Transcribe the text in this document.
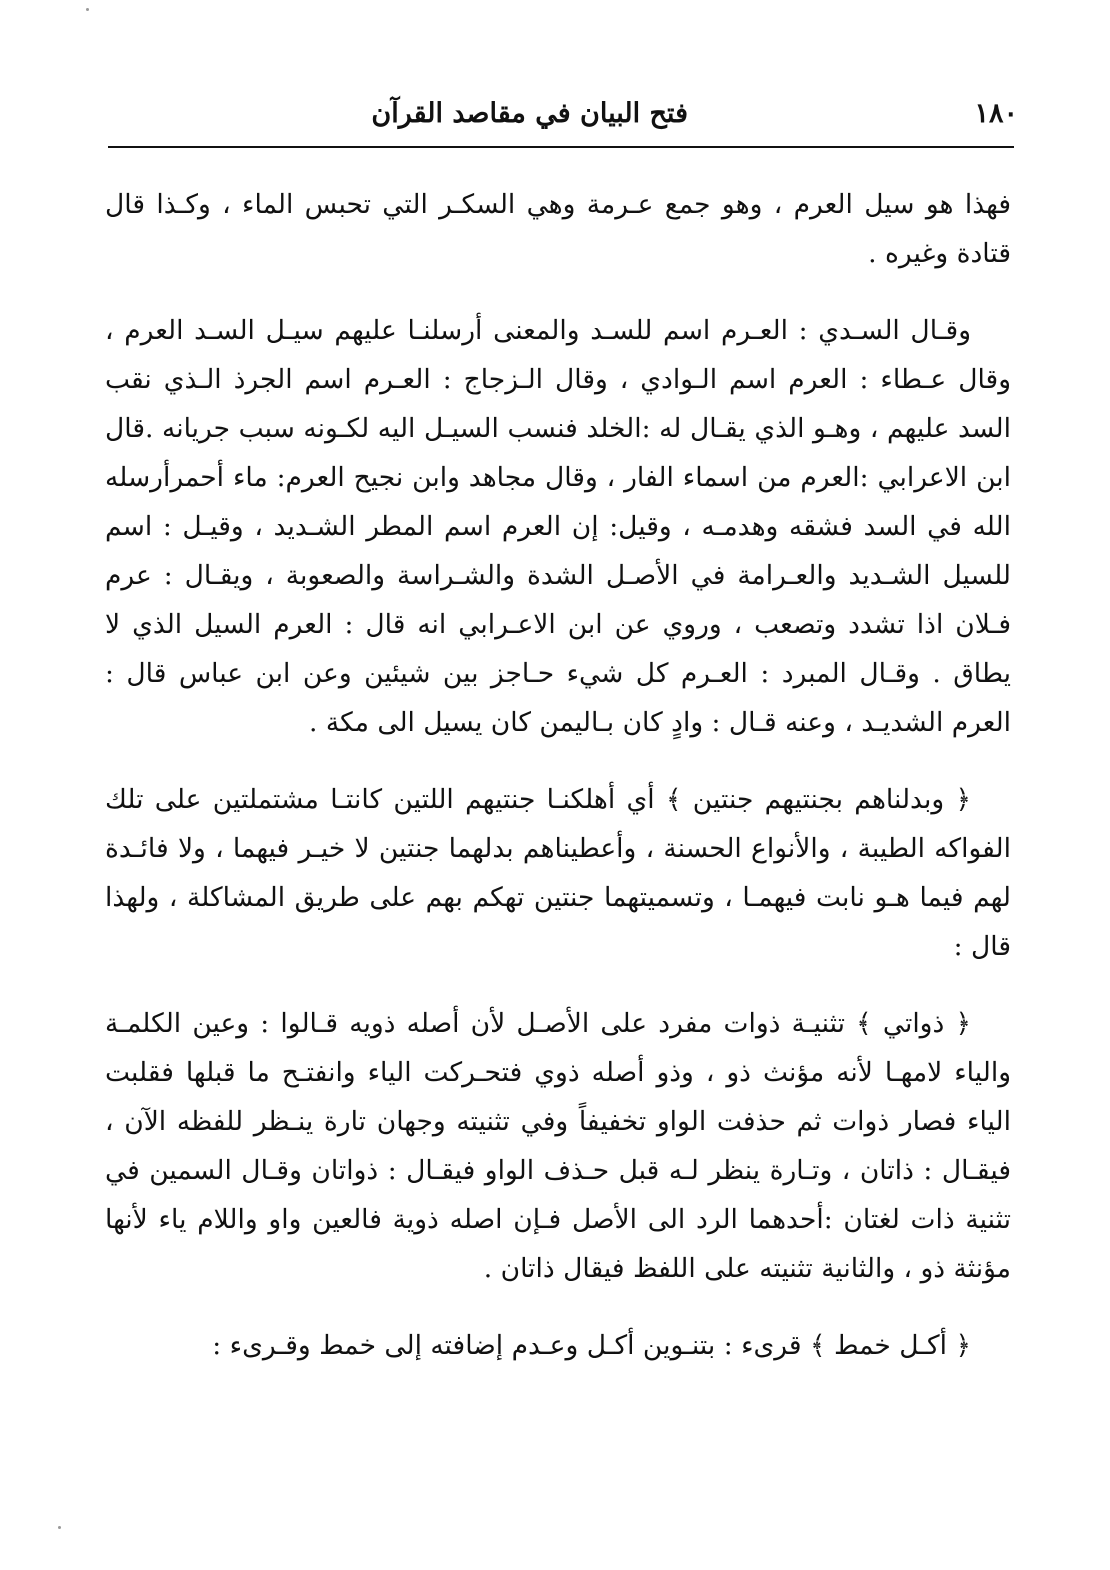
١٨٠
فتح البيان في مقاصد القرآن

فهذا هو سيل العرم ، وهو جمع عـرمة وهي السكـر التي تحبس الماء ، وكـذا قال قتادة وغيره .

وقـال السـدي : العـرم اسم للسـد والمعنى أرسلنـا عليهم سيـل السـد العرم ، وقال عـطاء : العرم اسم الـوادي ، وقال الـزجاج : العـرم اسم الجرذ الـذي نقب السد عليهم ، وهـو الذي يقـال له :الخلد فنسب السيـل اليه لكـونه سبب جريانه .قال ابن الاعرابي :العرم من اسماء الفار ، وقال مجاهد وابن نجيح العرم: ماء أحمرأرسله الله في السد فشقه وهدمـه ، وقيل: إن العرم اسم المطر الشـديد ، وقيـل : اسم للسيل الشـديد والعـرامة في الأصـل الشدة والشـراسة والصعوبة ، ويقـال : عرم فـلان اذا تشدد وتصعب ، وروي عن ابن الاعـرابي انه قال : العرم السيل الذي لا يطاق . وقـال المبرد : العـرم كل شيء حـاجز بين شيئين وعن ابن عباس قال : العرم الشديـد ، وعنه قـال : وادٍ كان بـاليمن كان يسيل الى مكة .

﴿ وبدلناهم بجنتيهم جنتين ﴾ أي أهلكنـا جنتيهم اللتين كانتـا مشتملتين على تلك الفواكه الطيبة ، والأنواع الحسنة ، وأعطيناهم بدلهما جنتين لا خيـر فيهما ، ولا فائـدة لهم فيما هـو نابت فيهمـا ، وتسميتهما جنتين تهكم بهم على طريق المشاكلة ، ولهذا قال :

﴿ ذواتي ﴾ تثنيـة ذوات مفرد على الأصـل لأن أصله ذويه قـالوا : وعين الكلمـة والياء لامهـا لأنه مؤنث ذو ، وذو أصله ذوي فتحـركت الياء وانفتـح ما قبلها فقلبت الياء فصار ذوات ثم حذفت الواو تخفيفاً وفي تثنيته وجهان تارة ينـظر للفظه الآن ، فيقـال : ذاتان ، وتـارة ينظر لـه قبل حـذف الواو فيقـال : ذواتان وقـال السمين في تثنية ذات لغتان :أحدهما الرد الى الأصل فـإن اصله ذوية فالعين واو واللام ياء لأنها مؤنثة ذو ، والثانية تثنيته على اللفظ فيقال ذاتان .

﴿ أكـل خمط ﴾ قرىء : بتنـوين أكـل وعـدم إضافته إلى خمط وقـرىء :
